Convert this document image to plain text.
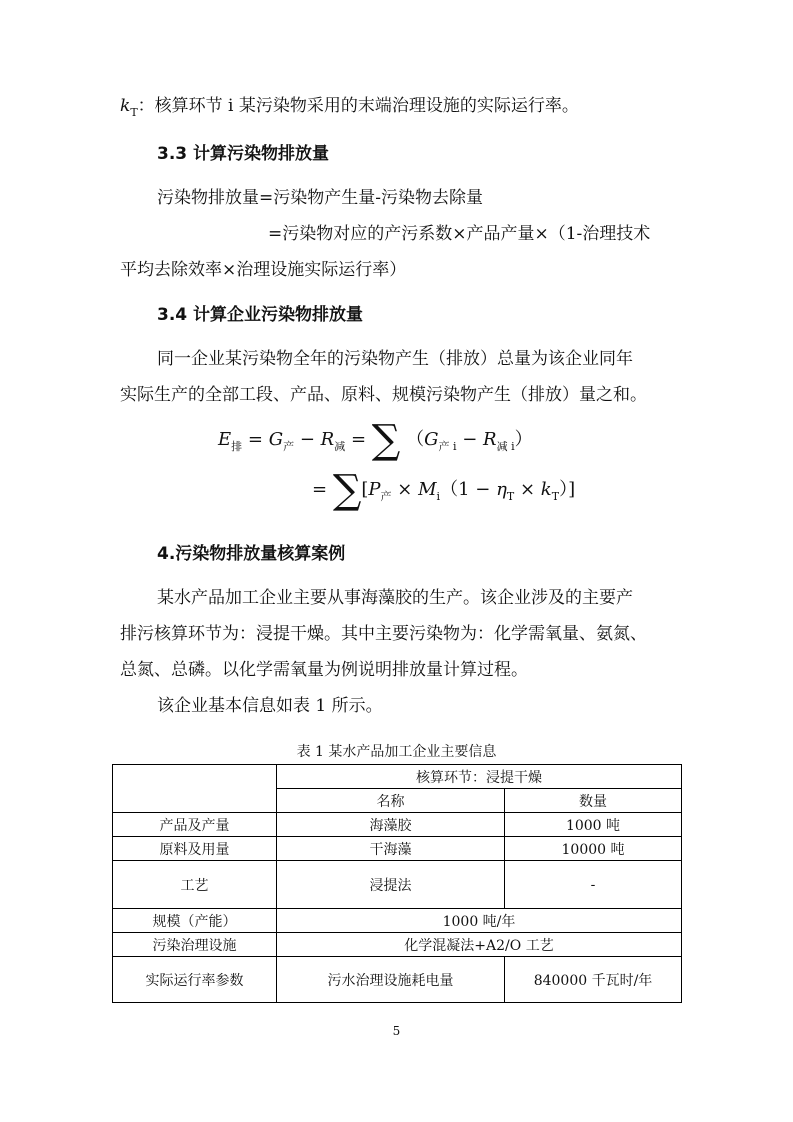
$k_T$：核算环节 i 某污染物采用的末端治理设施的实际运行率。
3.3 计算污染物排放量
污染物排放量=污染物产生量-污染物去除量
=污染物对应的产污系数×产品产量×（1-治理技术
平均去除效率×治理设施实际运行率）
3.4 计算企业污染物排放量
同一企业某污染物全年的污染物产生（排放）总量为该企业同年
实际生产的全部工段、产品、原料、规模污染物产生（排放）量之和。
$E_排 = G_产 - R_减$ = ∑ $(G_{产 i} - R_{减 i})$
= $\sum[P_产 \times M_i(1 - \eta_T \times k_T)]$
4.污染物排放量核算案例
某水产品加工企业主要从事海藻胶的生产。该企业涉及的主要产
排污核算环节为：浸提干燥。其中主要污染物为：化学需氧量、氨氮、
总氮、总磷。以化学需氧量为例说明排放量计算过程。
该企业基本信息如表 1 所示。
表 1 某水产品加工企业主要信息
	核算环节：浸提干燥	
	名称	数量
产品及产量	海藻胶	1000 吨
原料及用量	干海藻	10000 吨
工艺	浸提法	-
规模（产能）	1000 吨/年	
污染治理设施	化学混凝法+A2/O 工艺	
实际运行率参数	污水治理设施耗电量	840000 千瓦时/年
5
